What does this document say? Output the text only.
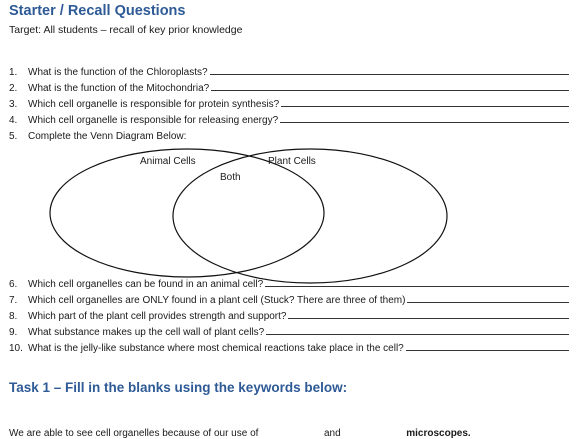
Starter / Recall Questions
Target: All students – recall of key prior knowledge
1.	What is the function of the Chloroplasts?
2.	What is the function of the Mitochondria?
3.	Which cell organelle is responsible for protein synthesis?
4.	Which cell organelle is responsible for releasing energy?
5.	Complete the Venn Diagram Below:
Animal Cells	Plant Cells
Both
6.	Which cell organelles can be found in an animal cell?
7.	Which cell organelles are ONLY found in a plant cell (Stuck? There are three of them)
8.	Which part of the plant cell provides strength and support?
9.	What substance makes up the cell wall of plant cells?
10. What is the jelly-like substance where most chemical reactions take place in the cell?
Task 1 – Fill in the blanks using the keywords below:
We are able to see cell organelles because of our use of	and	microscopes.
